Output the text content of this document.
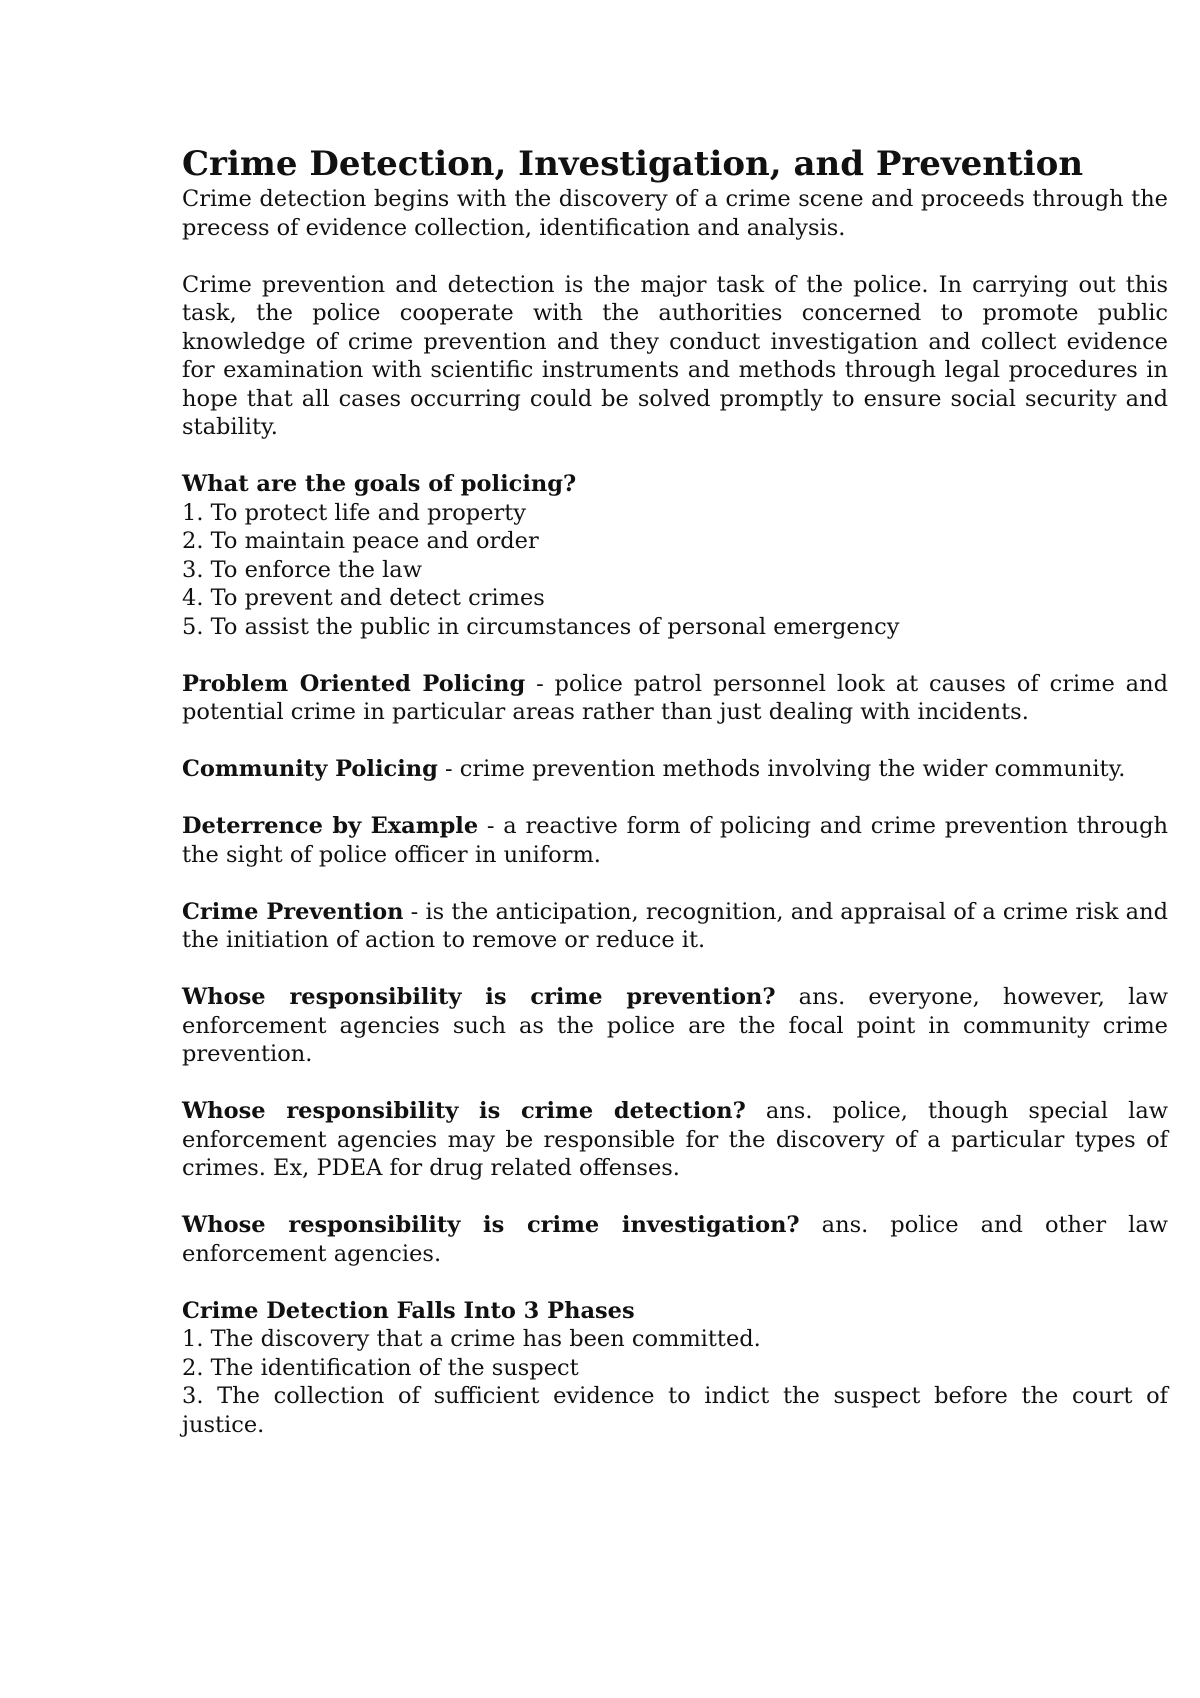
Crime Detection, Investigation, and Prevention

Crime detection begins with the discovery of a crime scene and proceeds through the precess of evidence collection, identification and analysis.

Crime prevention and detection is the major task of the police. In carrying out this task, the police cooperate with the authorities concerned to promote public knowledge of crime prevention and they conduct investigation and collect evidence for examination with scientific instruments and methods through legal procedures in hope that all cases occurring could be solved promptly to ensure social security and stability.

What are the goals of policing?

1. To protect life and property
2. To maintain peace and order
3. To enforce the law
4. To prevent and detect crimes
5. To assist the public in circumstances of personal emergency

Problem Oriented Policing - police patrol personnel look at causes of crime and potential crime in particular areas rather than just dealing with incidents.

Community Policing - crime prevention methods involving the wider community.

Deterrence by Example - a reactive form of policing and crime prevention through the sight of police officer in uniform.

Crime Prevention - is the anticipation, recognition, and appraisal of a crime risk and the initiation of action to remove or reduce it.

Whose responsibility is crime prevention? ans. everyone, however, law enforcement agencies such as the police are the focal point in community crime prevention.

Whose responsibility is crime detection? ans. police, though special law enforcement agencies may be responsible for the discovery of a particular types of crimes. Ex, PDEA for drug related offenses.

Whose responsibility is crime investigation? ans. police and other law enforcement agencies.

Crime Detection Falls Into 3 Phases

1. The discovery that a crime has been committed.
2. The identification of the suspect
3. The collection of sufficient evidence to indict the suspect before the court of justice.
